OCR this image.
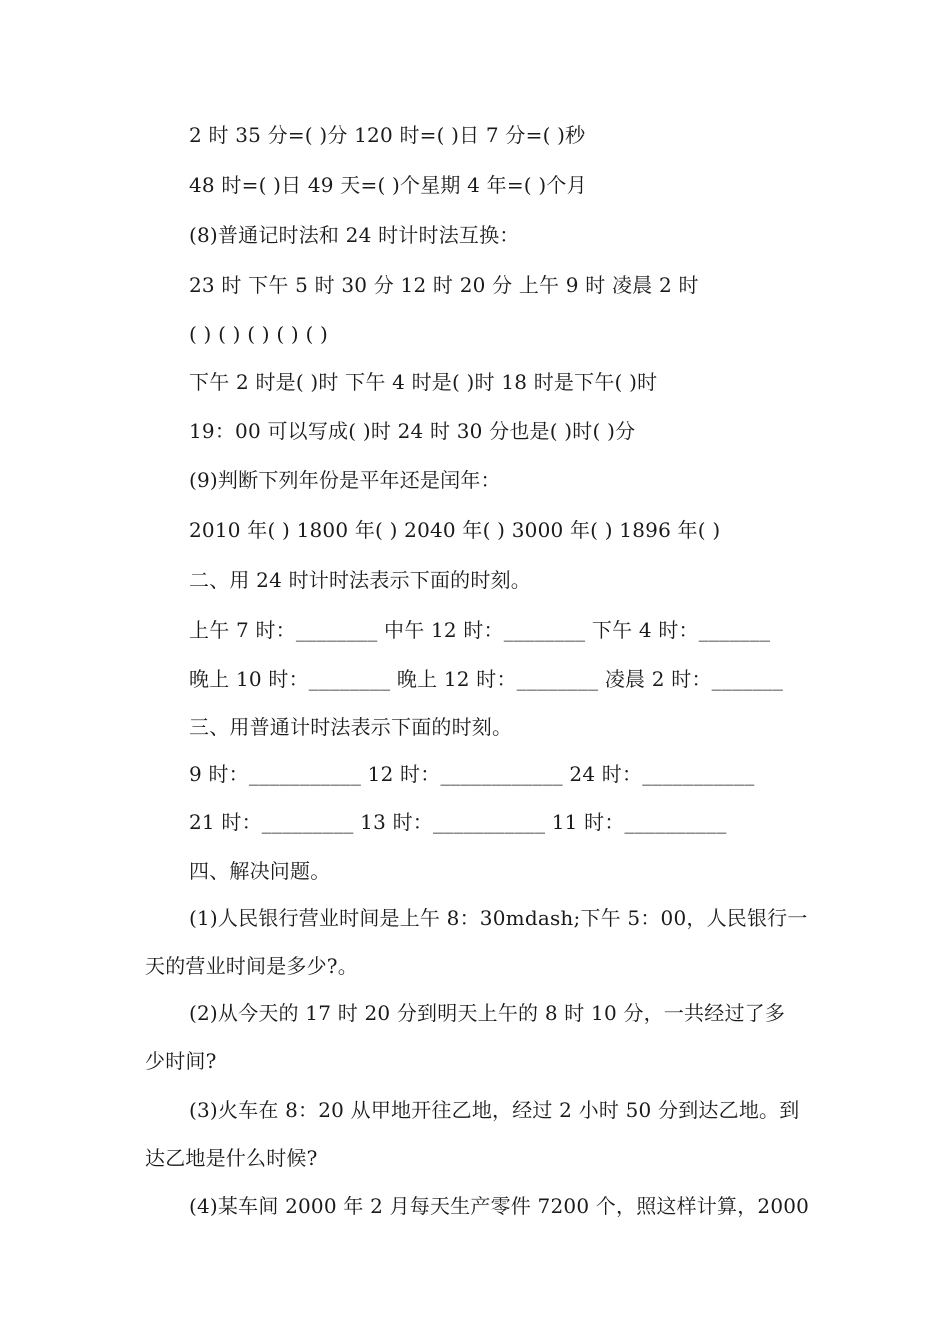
2 时 35 分=( )分 120 时=( )日 7 分=( )秒
48 时=( )日 49 天=( )个星期 4 年=( )个月
(8)普通记时法和 24 时计时法互换：
23 时 下午 5 时 30 分 12 时 20 分 上午 9 时 凌晨 2 时
( ) ( ) ( ) ( ) ( )
下午 2 时是( )时 下午 4 时是( )时 18 时是下午( )时
19：00 可以写成( )时 24 时 30 分也是( )时( )分
(9)判断下列年份是平年还是闰年：
2010 年( ) 1800 年( ) 2040 年( ) 3000 年( ) 1896 年( )
二、用 24 时计时法表示下面的时刻。
上午 7 时：________ 中午 12 时：________ 下午 4 时：_______
晚上 10 时：________ 晚上 12 时：________ 凌晨 2 时：_______
三、用普通计时法表示下面的时刻。
9 时：___________ 12 时：____________ 24 时：___________
21 时：_________ 13 时：___________ 11 时：__________
四、解决问题。
(1)人民银行营业时间是上午 8：30mdash;下午 5：00，人民银行一
天的营业时间是多少?。
(2)从今天的 17 时 20 分到明天上午的 8 时 10 分，一共经过了多
少时间?
(3)火车在 8：20 从甲地开往乙地，经过 2 小时 50 分到达乙地。到
达乙地是什么时候?
(4)某车间 2000 年 2 月每天生产零件 7200 个，照这样计算，2000
